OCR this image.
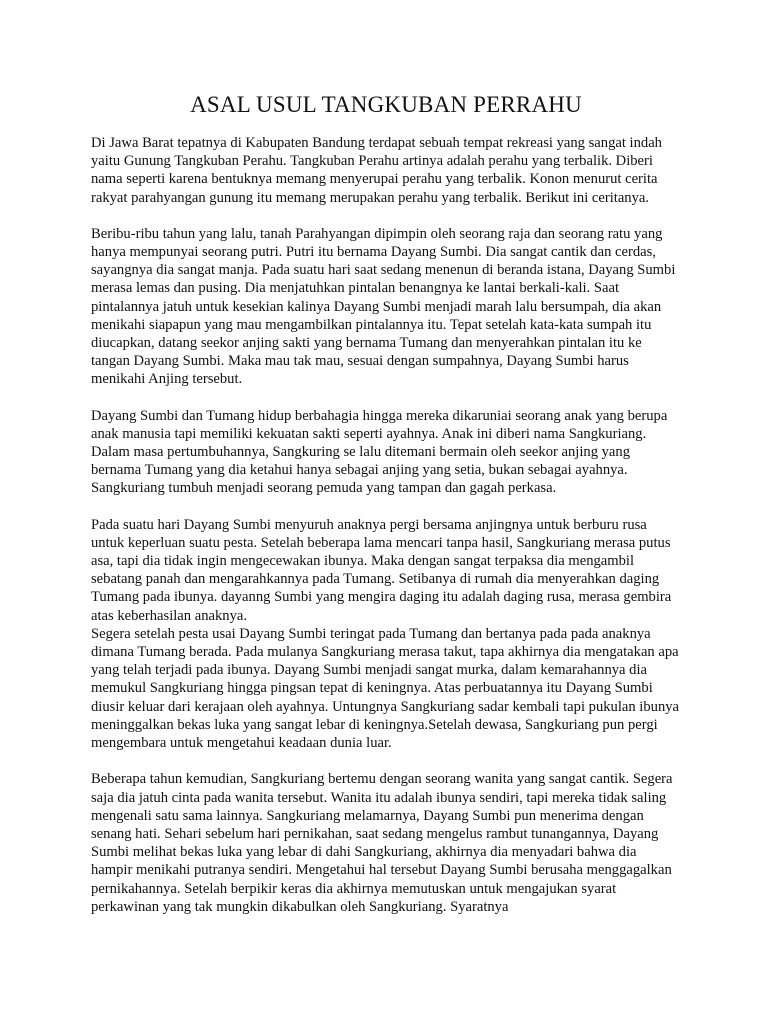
ASAL USUL TANGKUBAN PERRAHU

Di Jawa Barat tepatnya di Kabupaten Bandung terdapat sebuah tempat rekreasi yang sangat indah yaitu Gunung Tangkuban Perahu. Tangkuban Perahu artinya adalah perahu yang terbalik. Diberi nama seperti karena bentuknya memang menyerupai perahu yang terbalik. Konon menurut cerita rakyat parahyangan gunung itu memang merupakan perahu yang terbalik. Berikut ini ceritanya.

Beribu-ribu tahun yang lalu, tanah Parahyangan dipimpin oleh seorang raja dan seorang ratu yang hanya mempunyai seorang putri. Putri itu bernama Dayang Sumbi. Dia sangat cantik dan cerdas, sayangnya dia sangat manja. Pada suatu hari saat sedang menenun di beranda istana, Dayang Sumbi merasa lemas dan pusing. Dia menjatuhkan pintalan benangnya ke lantai berkali-kali. Saat pintalannya jatuh untuk kesekian kalinya Dayang Sumbi menjadi marah lalu bersumpah, dia akan menikahi siapapun yang mau mengambilkan pintalannya itu. Tepat setelah kata-kata sumpah itu diucapkan, datang seekor anjing sakti yang bernama Tumang dan menyerahkan pintalan itu ke tangan Dayang Sumbi. Maka mau tak mau, sesuai dengan sumpahnya, Dayang Sumbi harus menikahi Anjing tersebut.

Dayang Sumbi dan Tumang hidup berbahagia hingga mereka dikaruniai seorang anak yang berupa anak manusia tapi memiliki kekuatan sakti seperti ayahnya. Anak ini diberi nama Sangkuriang. Dalam masa pertumbuhannya, Sangkuring se lalu ditemani bermain oleh seekor anjing yang bernama Tumang yang dia ketahui hanya sebagai anjing yang setia, bukan sebagai ayahnya. Sangkuriang tumbuh menjadi seorang pemuda yang tampan dan gagah perkasa.

Pada suatu hari Dayang Sumbi menyuruh anaknya pergi bersama anjingnya untuk berburu rusa untuk keperluan suatu pesta. Setelah beberapa lama mencari tanpa hasil, Sangkuriang merasa putus asa, tapi dia tidak ingin mengecewakan ibunya. Maka dengan sangat terpaksa dia mengambil sebatang panah dan mengarahkannya pada Tumang. Setibanya di rumah dia menyerahkan daging Tumang pada ibunya. dayanng Sumbi yang mengira daging itu adalah daging rusa, merasa gembira atas keberhasilan anaknya.

Segera setelah pesta usai Dayang Sumbi teringat pada Tumang dan bertanya pada pada anaknya dimana Tumang berada. Pada mulanya Sangkuriang merasa takut, tapa akhirnya dia mengatakan apa yang telah terjadi pada ibunya. Dayang Sumbi menjadi sangat murka, dalam kemarahannya dia memukul Sangkuriang hingga pingsan tepat di keningnya. Atas perbuatannya itu Dayang Sumbi diusir keluar dari kerajaan oleh ayahnya. Untungnya Sangkuriang sadar kembali tapi pukulan ibunya meninggalkan bekas luka yang sangat lebar di keningnya.Setelah dewasa, Sangkuriang pun pergi mengembara untuk mengetahui keadaan dunia luar.

Beberapa tahun kemudian, Sangkuriang bertemu dengan seorang wanita yang sangat cantik. Segera saja dia jatuh cinta pada wanita tersebut. Wanita itu adalah ibunya sendiri, tapi mereka tidak saling mengenali satu sama lainnya. Sangkuriang melamarnya, Dayang Sumbi pun menerima dengan senang hati. Sehari sebelum hari pernikahan, saat sedang mengelus rambut tunangannya, Dayang Sumbi melihat bekas luka yang lebar di dahi Sangkuriang, akhirnya dia menyadari bahwa dia hampir menikahi putranya sendiri. Mengetahui hal tersebut Dayang Sumbi berusaha menggagalkan pernikahannya. Setelah berpikir keras dia akhirnya memutuskan untuk mengajukan syarat perkawinan yang tak mungkin dikabulkan oleh Sangkuriang. Syaratnya
